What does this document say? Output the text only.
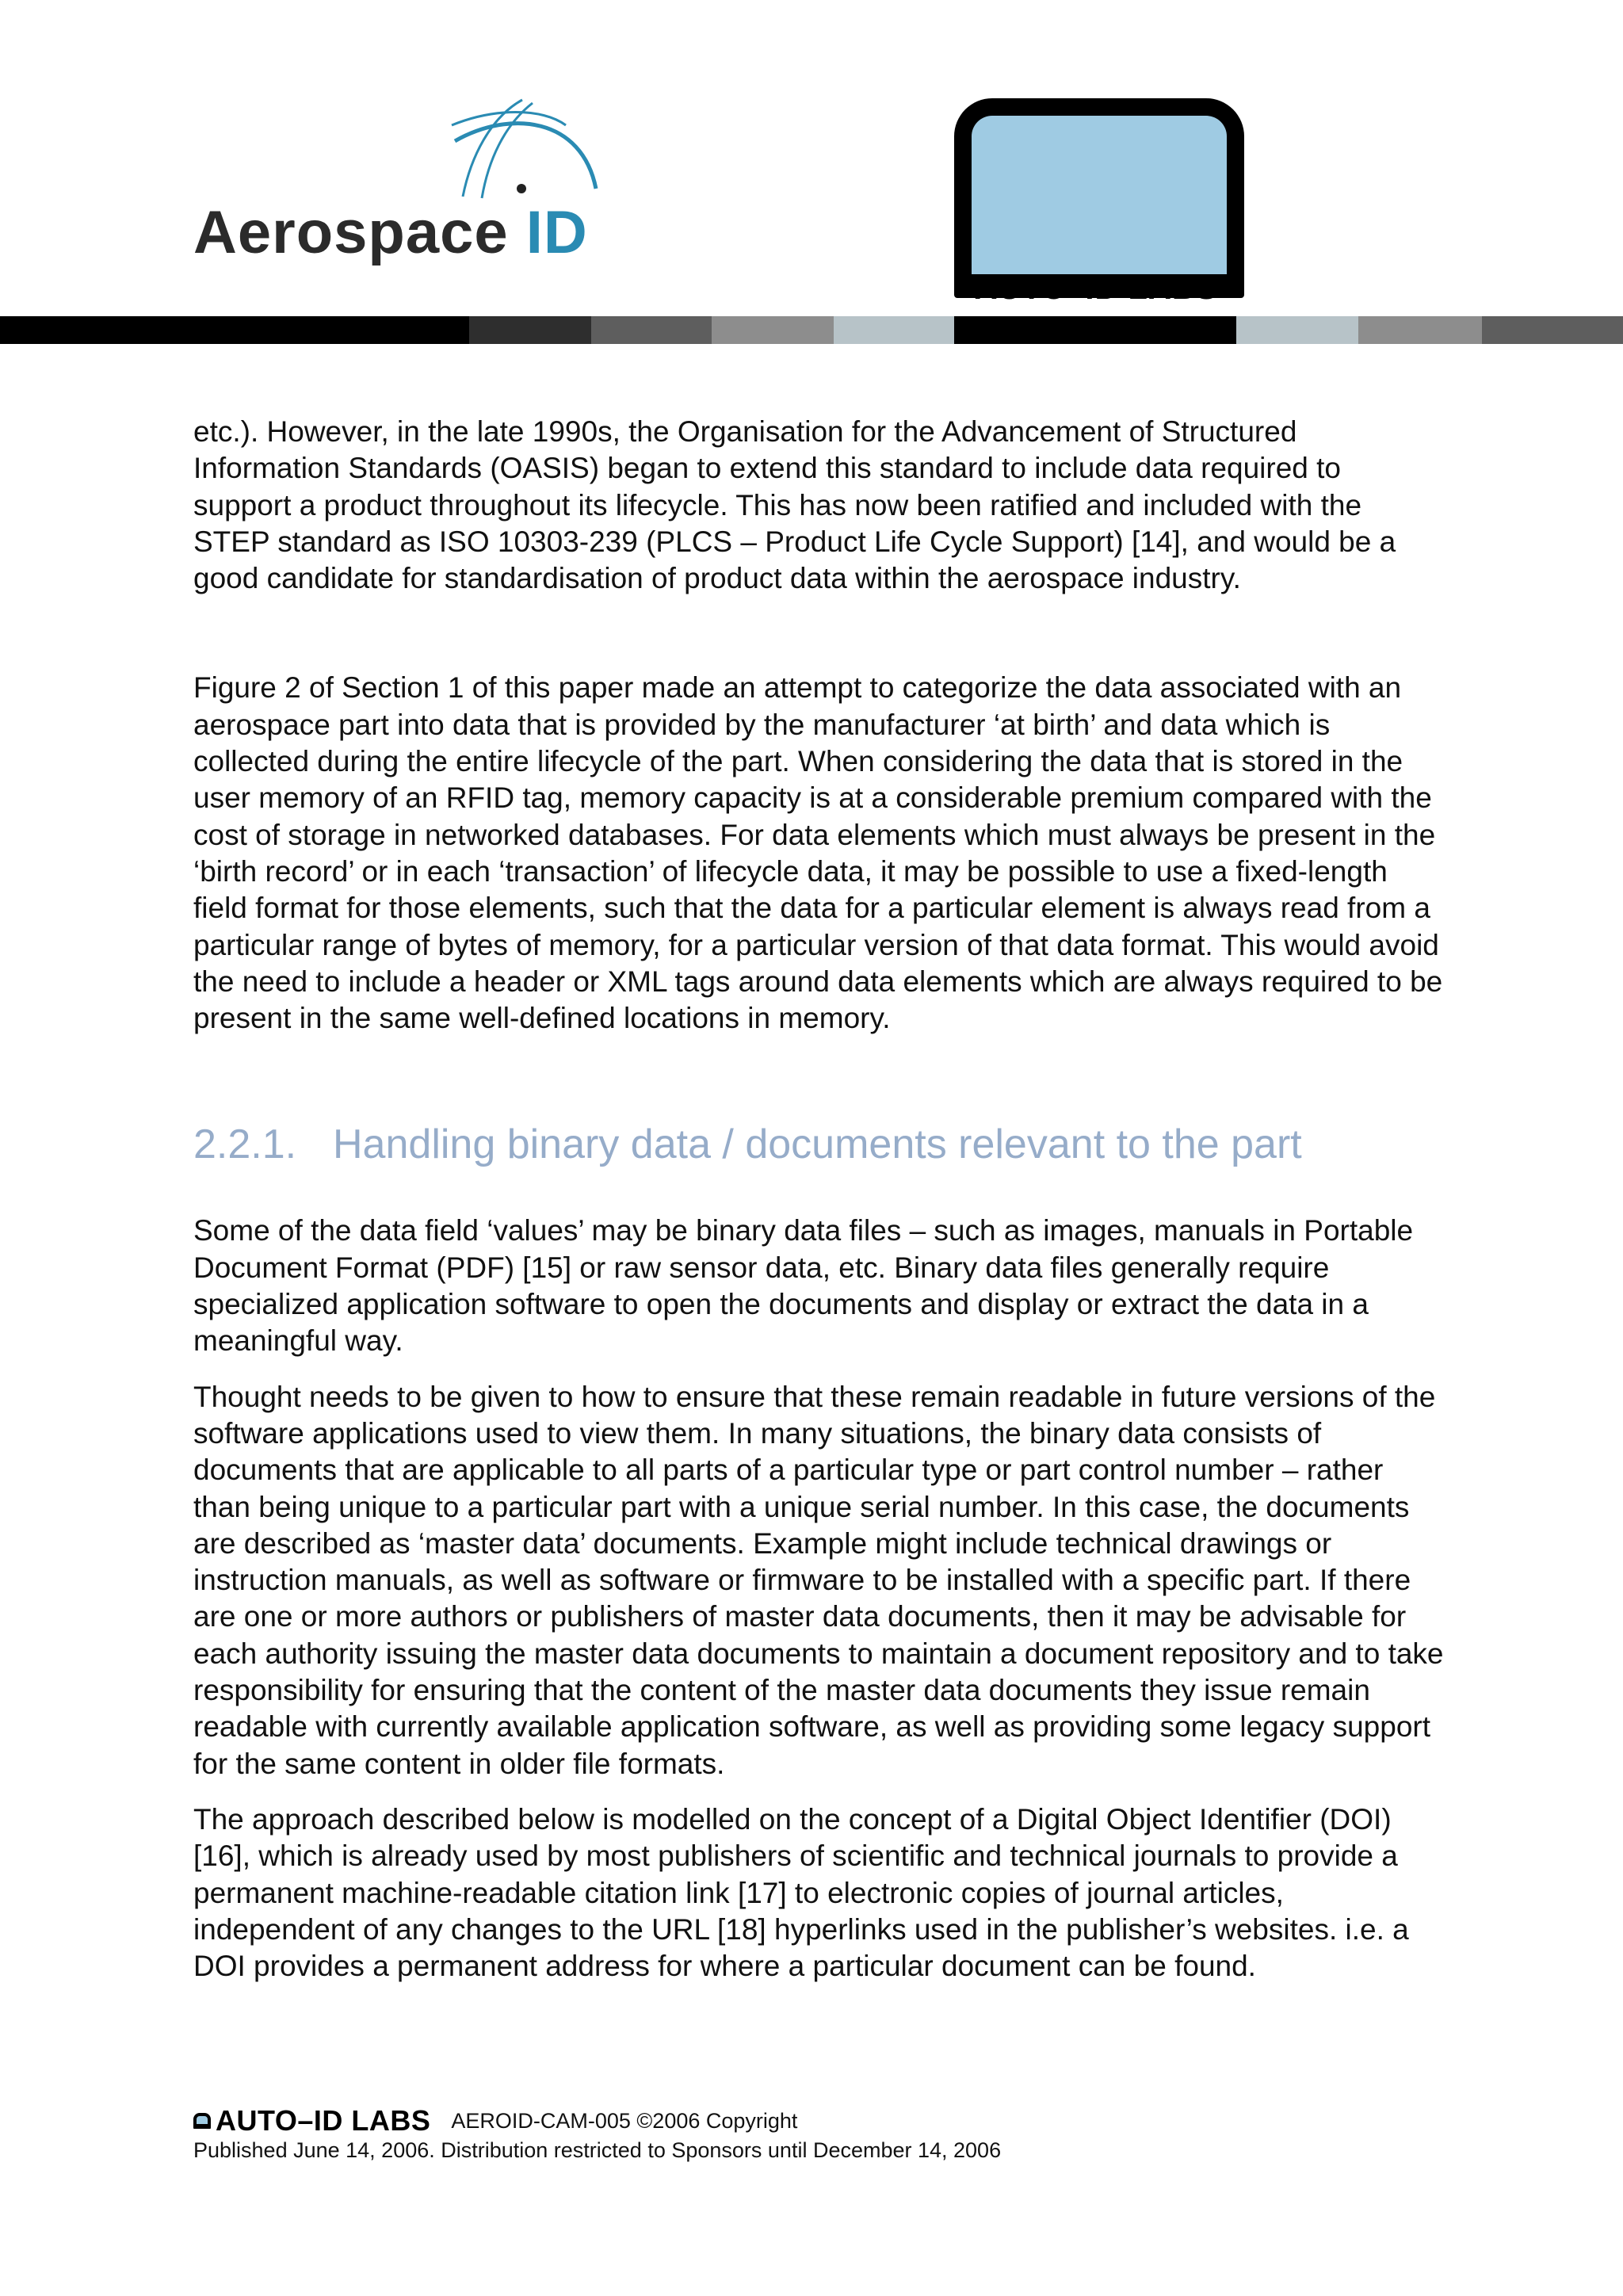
Aerospace ID
AUTO–ID LABS

etc.). However, in the late 1990s, the Organisation for the Advancement of Structured Information Standards (OASIS) began to extend this standard to include data required to support a product throughout its lifecycle. This has now been ratified and included with the STEP standard as ISO 10303-239 (PLCS – Product Life Cycle Support) [14], and would be a good candidate for standardisation of product data within the aerospace industry.

Figure 2 of Section 1 of this paper made an attempt to categorize the data associated with an aerospace part into data that is provided by the manufacturer ‘at birth’ and data which is collected during the entire lifecycle of the part. When considering the data that is stored in the user memory of an RFID tag, memory capacity is at a considerable premium compared with the cost of storage in networked databases. For data elements which must always be present in the ‘birth record’ or in each ‘transaction’ of lifecycle data, it may be possible to use a fixed-length field format for those elements, such that the data for a particular element is always read from a particular range of bytes of memory, for a particular version of that data format. This would avoid the need to include a header or XML tags around data elements which are always required to be present in the same well-defined locations in memory.

2.2.1. Handling binary data / documents relevant to the part

Some of the data field ‘values’ may be binary data files – such as images, manuals in Portable Document Format (PDF) [15] or raw sensor data, etc. Binary data files generally require specialized application software to open the documents and display or extract the data in a meaningful way.

Thought needs to be given to how to ensure that these remain readable in future versions of the software applications used to view them. In many situations, the binary data consists of documents that are applicable to all parts of a particular type or part control number – rather than being unique to a particular part with a unique serial number. In this case, the documents are described as ‘master data’ documents. Example might include technical drawings or instruction manuals, as well as software or firmware to be installed with a specific part. If there are one or more authors or publishers of master data documents, then it may be advisable for each authority issuing the master data documents to maintain a document repository and to take responsibility for ensuring that the content of the master data documents they issue remain readable with currently available application software, as well as providing some legacy support for the same content in older file formats.

The approach described below is modelled on the concept of a Digital Object Identifier (DOI) [16], which is already used by most publishers of scientific and technical journals to provide a permanent machine-readable citation link [17] to electronic copies of journal articles, independent of any changes to the URL [18] hyperlinks used in the publisher’s websites. i.e. a DOI provides a permanent address for where a particular document can be found.

AUTO–ID LABS AEROID-CAM-005 ©2006 Copyright
Published June 14, 2006. Distribution restricted to Sponsors until December 14, 2006
